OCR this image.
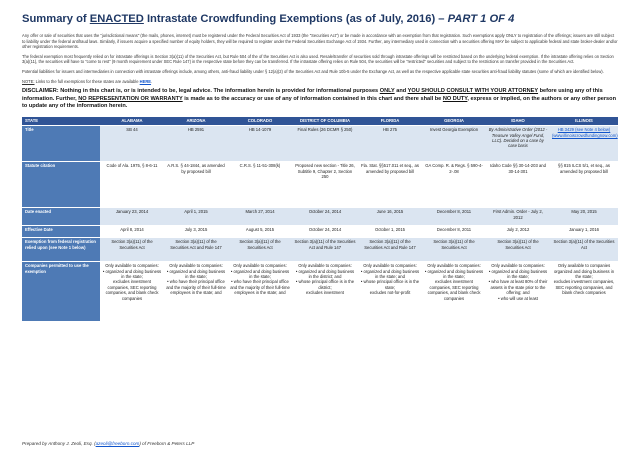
Summary of ENACTED Intrastate Crowdfunding Exemptions (as of July, 2016) – PART 1 OF 4

Any offer or sale of securities that uses the "jurisdictional means" (the mails, phones, internet) must be registered under the Federal Securities Act of 1933 (the "Securities Act") or be made in accordance with an exemption from that registration. Such exemptions apply ONLY to registration of the offerings; issuers are still subject to liability under the federal antifraud laws. Similarly, if issuers acquire a specified number of equity holders, they will be required to register under the Federal Securities Exchange Act of 1934. Further, any intermediary used in connection with a securities offering MAY be subject to applicable federal and state broker-dealer and/or other registration requirements.

The federal exemption most frequently relied on for intrastate offerings is Section 3(a)(11) of the Securities Act, but Rule 504 of the of the Securities Act is also used. Resale/transfer of securities sold through intrastate offerings will be restricted based on the underlying federal exemption. If the intrastate offering relies on Section 3(a)(11), the securities will have to "come to rest" (9 month requirement under SEC Rule 147) in the respective state before they can be transferred. If the intrastate offering relies on Rule 504, the securities will be "restricted" securities and subject to the restrictions on transfer provided in the Securities Act.

Potential liabilities for issuers and intermediaries in connection with intrastate offerings include, among others, anti-fraud liability under § 12(a)(2) of the Securities Act and Rule 10b-5 under the Exchange Act, as well as the respective applicable state securities anti-fraud liability statutes (some of which are identified below).

NOTE: Links to the full exemptions for these states are available HERE.

DISCLAIMER: Nothing in this chart is, or is intended to be, legal advice. The information herein is provided for informational purposes ONLY and YOU SHOULD CONSULT WITH YOUR ATTORNEY before using any of this information. Further, NO REPRESENTATION OR WARRANTY is made as to the accuracy or use of any of information contained in this chart and there shall be NO DUTY, express or implied, on the authors or any other person to update any of the information herein.

STATE	ALABAMA	ARIZONA	COLORADO	DISTRICT OF COLUMBIA	FLORIDA	GEORGIA	IDAHO	ILLINOIS
Title	SB 44	HB 2591	HB 14-1079	Final Rules (26 DCMR § 250)	HB 275	Invest Georgia Exemption	By Administrative Order (2012 - Treasure Valley Angel Fund, LLC). Decided on a case by case basis	HB 3429 (see Note 4 below) (www.illinoiscrowdfundingnow.com)
Statute citation	Code of Ala. 1975, § 8-6-11	A.R.S. § 44-1844, as amended by proposed bill	C.R.S. § 11-51-308(k)	Proposed new section - Title 26, Subtitle 9, Chapter 2, Section 250	Fla. Stat. §§517.011 et seq., as amended by proposed bill	GA Comp. R. & Regs. § 590-4-2-.08	Idaho Code §§ 30-14-203 and 30-14-301	§§ 815 ILCS 5/1, et seq., as amended by proposed bill
Date enacted	January 23, 2014	April 1, 2015	March 27, 2014	October 24, 2014	June 16, 2015	December 8, 2011	First Admin. Order - July 2, 2012	May 20, 2015
Effective Date	April 8, 2014	July 3, 2015	August 5, 2015	October 24, 2014	October 1, 2015	December 8, 2011	July 2, 2012	January 1, 2016
Exemption from federal registration relied upon (see Note 1 below)	Section 3(a)(11) of the Securities Act	Section 3(a)(11) of the Securities Act and Rule 147	Section 3(a)(11) of the Securities Act	Section 3(a)(11) of the Securities Act and Rule 147	Section 3(a)(11) of the Securities Act and Rule 147	Section 3(a)(11) of the Securities Act	Section 3(a)(11) of the Securities Act	Section 3(a)(11) of the Securities Act
Companies permitted to use the exemption	Only available to companies:
• organized and doing business in the state;
excludes investment companies, SEC reporting companies, and blank check companies	Only available to companies:
• organized and doing business in the state;
• who have their principal office and the majority of their full-time employees in the state; and	Only available to companies:
• organized and doing business in the state;
• who have their principal office and the majority of their full-time employees in the state; and	Only available to companies:
• organized and doing business in the district; and
• whose principal office is in the district;
excludes investment	Only available to companies:
• organized and doing business in the state; and
• whose principal office is in the state;
excludes not-for-profit	Only available to companies:
• organized and doing business in the state;
excludes investment companies, SEC reporting companies, and blank check companies	Only available to companies:
• organized and doing business in the state;
• who have at least 80% of their assets in the state prior to the offering; and
• who will use at least	Only available to companies organized and doing business in the state;
excludes investment companies, SEC reporting companies, and blank check companies
Prepared by Anthony J. Zeoli, Esq. (azeoli@freeborn.com) of Freeborn & Peters LLP
